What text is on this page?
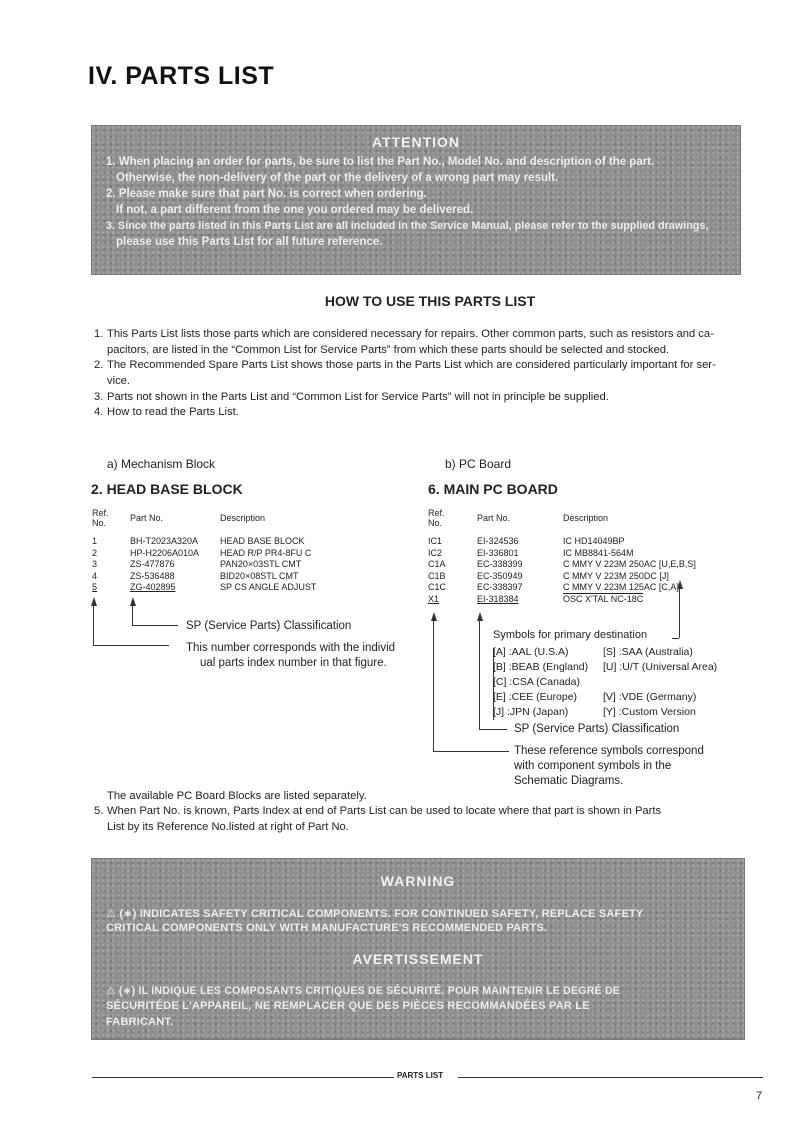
IV. PARTS LIST
ATTENTION
1. When placing an order for parts, be sure to list the Part No., Model No. and description of the part.
Otherwise, the non-delivery of the part or the delivery of a wrong part may result.
2. Please make sure that part No. is correct when ordering.
If not, a part different from the one you ordered may be delivered.
3. Since the parts listed in this Parts List are all included in the Service Manual, please refer to the supplied drawings,
please use this Parts List for all future reference.
HOW TO USE THIS PARTS LIST
1. This Parts List lists those parts which are considered necessary for repairs. Other common parts, such as resistors and ca-
pacitors, are listed in the “Common List for Service Parts” from which these parts should be selected and stocked.
2. The Recommended Spare Parts List shows those parts in the Parts List which are considered particularly important for ser-
vice.
3. Parts not shown in the Parts List and “Common List for Service Parts” will not in principle be supplied.
4. How to read the Parts List.
a) Mechanism Block
2. HEAD BASE BLOCK
Ref.
No.	Part No.	Description
1	BH-T2023A320A	HEAD BASE BLOCK
2	HP-H2206A010A	HEAD R/P PR4-8FU C
3	ZS-477876	PAN20×03STL CMT
4	ZS-536488	BID20×08STL CMT
5	ZG-402895	SP CS ANGLE ADJUST
SP (Service Parts) Classification
This number corresponds with the individ
ual parts index number in that figure.
b) PC Board
6. MAIN PC BOARD
Ref.
No.	Part No.	Description
IC1	EI-324536	IC HD14049BP
IC2	EI-336801	IC MB8841-564M
C1A	EC-338399	C MMY V 223M 250AC [U,E,B,S]
C1B	EC-350949	C MMY V 223M 250DC [J]
C1C	EC-338397	C MMY V 223M 125AC [C,A]
X1	EI-318384	OSC X'TAL NC-18C
Symbols for primary destination
[A] :AAL (U.S.A)	[S] :SAA (Australia)
[B] :BEAB (England) [U] :U/T (Universal Area)
[C] :CSA (Canada)
[E] :CEE (Europe) [V] :VDE (Germany)
[J] :JPN (Japan)	[Y] :Custom Version
SP (Service Parts) Classification
These reference symbols correspond
with component symbols in the
Schematic Diagrams.
The available PC Board Blocks are listed separately.
5. When Part No. is known, Parts Index at end of Parts List can be used to locate where that part is shown in Parts
List by its Reference No.listed at right of Part No.
WARNING
⚠ (∗) INDICATES SAFETY CRITICAL COMPONENTS. FOR CONTINUED SAFETY, REPLACE SAFETY
CRITICAL COMPONENTS ONLY WITH MANUFACTURE'S RECOMMENDED PARTS.
AVERTISSEMENT
⚠ (∗) IL INDIQUE LES COMPOSANTS CRITIQUES DE SÉCURITÉ. POUR MAINTENIR LE DEGRÉ DE
SÉCURITÉDE L'APPAREIL, NE REMPLACER QUE DES PIÈCES RECOMMANDÉES PAR LE
FABRICANT.
PARTS LIST
7
